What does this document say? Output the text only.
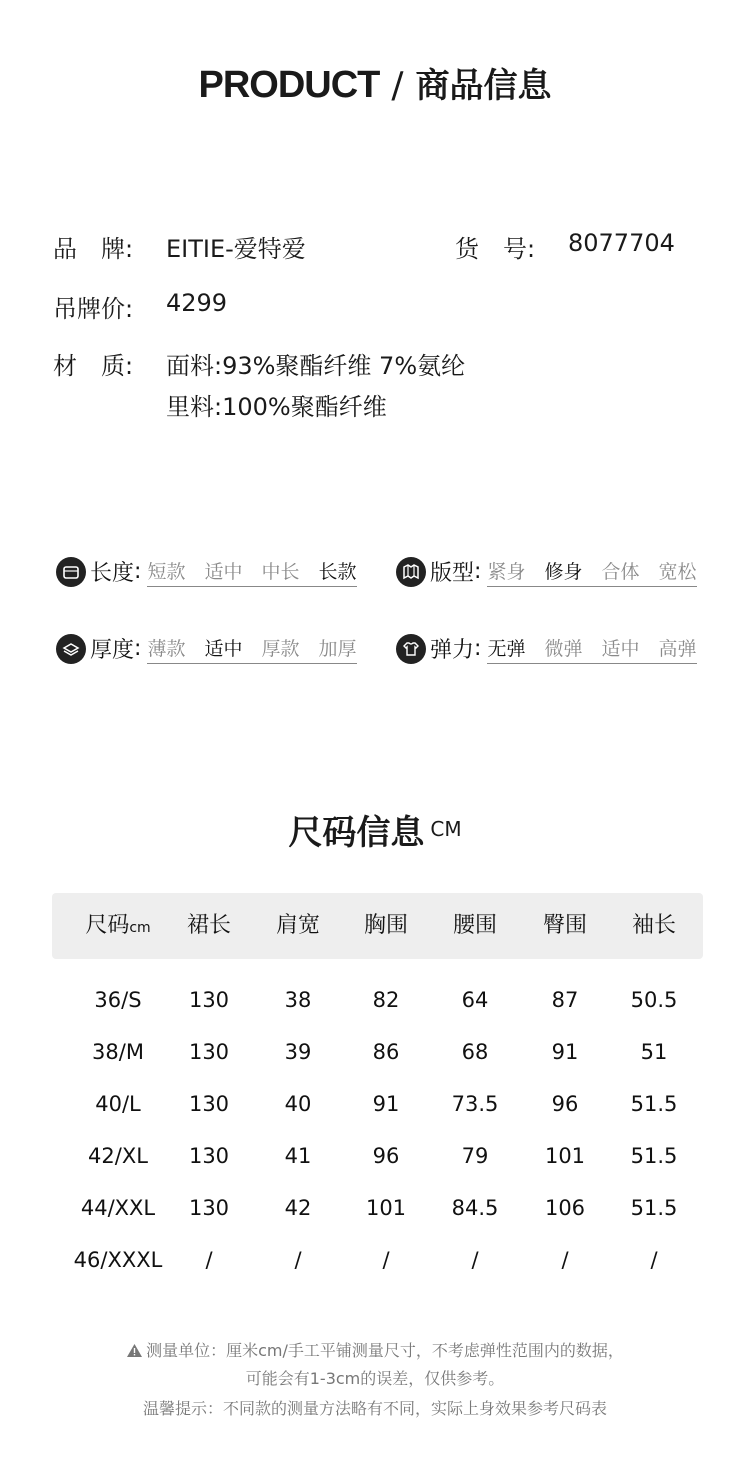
PRODUCT / 商品信息
品　牌: EITIE-爱特爱	货　号: 8077704
吊牌价: 4299
材　质: 面料:93%聚酯纤维 7%氨纶
里料:100%聚酯纤维
长度 : 短款 适中 中长 长款	版型 : 紧身 修身 合体 宽松
厚度 : 薄款 适中 厚款 加厚	弹力 : 无弹 微弹 适中 高弹
尺码信息 $^{CM}$
尺码cm	裙长	肩宽	胸围	腰围	臀围	袖长
36/S	130	38	82	64	87	50.5
38/M	130	39	86	68	91	51
40/L	130	40	91	73.5	96	51.5
42/XL	130	41	96	79	101	51.5
44/XXL	130	42	101	84.5	106	51.5
46/XXXL	/	/	/	/	/	/
测量单位：厘米cm/手工平铺测量尺寸，不考虑弹性范围内的数据，
可能会有1-3cm的误差，仅供参考。
温馨提示：不同款的测量方法略有不同，实际上身效果参考尺码表
